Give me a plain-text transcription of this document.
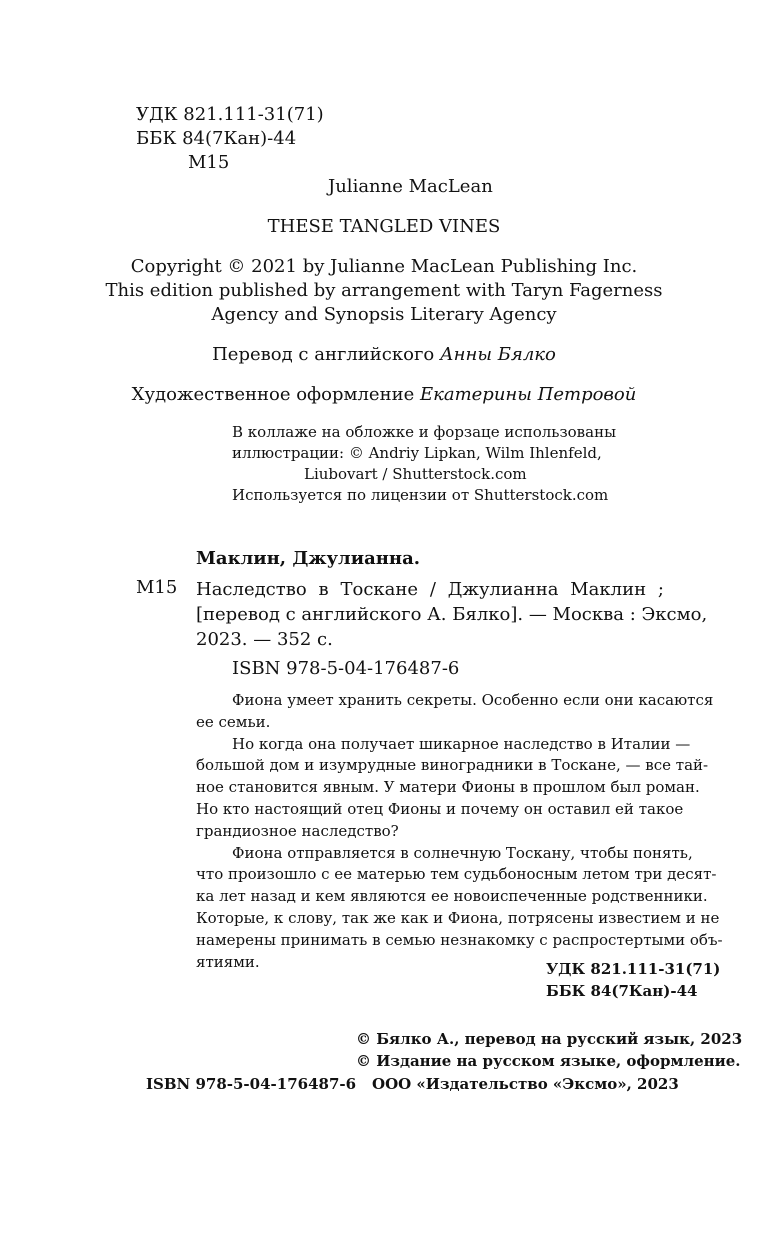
УДК 821.111-31(71)
ББК 84(7Кан)-44
М15
Julianne MacLean
THESE TANGLED VINES
Copyright © 2021 by Julianne MacLean Publishing Inc.
This edition published by arrangement with Taryn Fagerness
Agency and Synopsis Literary Agency
Перевод с английского Анны Бялко
Художественное оформление Екатерины Петровой
В коллаже на обложке и форзаце использованы
иллюстрации: © Andriy Lipkan, Wilm Ihlenfeld,
Liubovart / Shutterstock.com
Используется по лицензии от Shutterstock.com
Маклин, Джулианна.
М15 Наследство в Тоскане / Джулианна Маклин ;
[перевод с английского А. Бялко]. — Москва : Эксмо,
2023. — 352 с.
ISBN 978-5-04-176487-6
Фиона умеет хранить секреты. Особенно если они касаются
ее семьи.
Но когда она получает шикарное наследство в Италии —
большой дом и изумрудные виноградники в Тоскане, — все тай-
ное становится явным. У матери Фионы в прошлом был роман.
Но кто настоящий отец Фионы и почему он оставил ей такое
грандиозное наследство?
Фиона отправляется в солнечную Тоскану, чтобы понять,
что произошло с ее матерью тем судьбоносным летом три десят-
ка лет назад и кем являются ее новоиспеченные родственники.
Которые, к слову, так же как и Фиона, потрясены известием и не
намерены принимать в семью незнакомку с распростертыми объ-
ятиями.	УДК 821.111-31(71)
ББК 84(7Кан)-44
© Бялко А., перевод на русский язык, 2023
© Издание на русском языке, оформление.
ISBN 978-5-04-176487-6 ООО «Издательство «Эксмо», 2023
